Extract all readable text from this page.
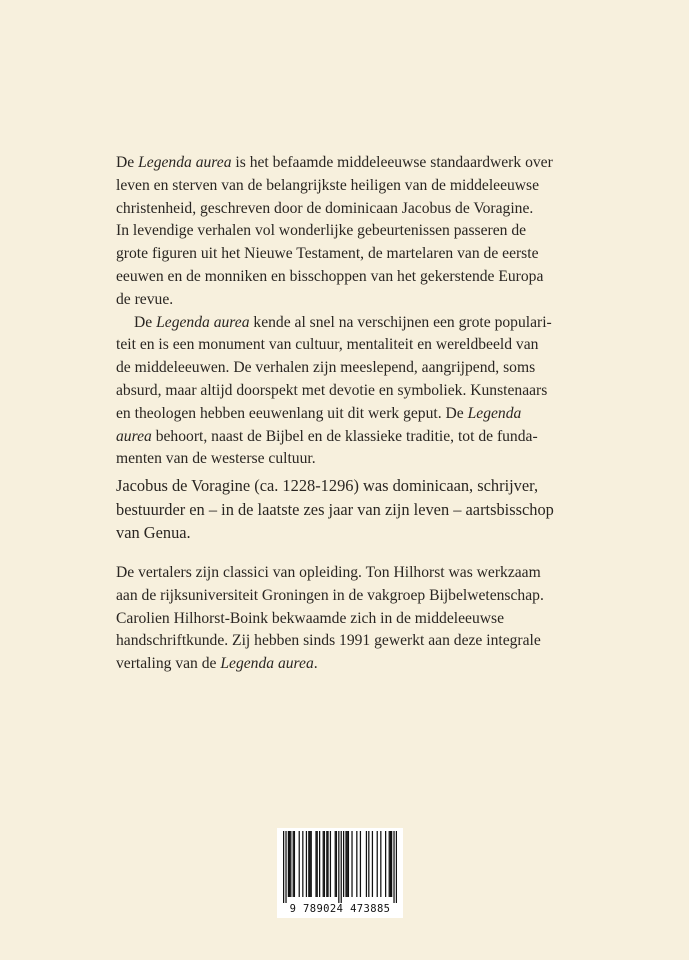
De Legenda aurea is het befaamde middeleeuwse standaardwerk over
leven en sterven van de belangrijkste heiligen van de middeleeuwse
christenheid, geschreven door de dominicaan Jacobus de Voragine.
In levendige verhalen vol wonderlijke gebeurtenissen passeren de
grote figuren uit het Nieuwe Testament, de martelaren van de eerste
eeuwen en de monniken en bisschoppen van het gekerstende Europa
de revue.
De Legenda aurea kende al snel na verschijnen een grote populari-
teit en is een monument van cultuur, mentaliteit en wereldbeeld van
de middeleeuwen. De verhalen zijn meeslepend, aangrijpend, soms
absurd, maar altijd doorspekt met devotie en symboliek. Kunstenaars
en theologen hebben eeuwenlang uit dit werk geput. De Legenda
aurea behoort, naast de Bijbel en de klassieke traditie, tot de funda-
menten van de westerse cultuur.
Jacobus de Voragine (ca. 1228-1296) was dominicaan, schrijver,
bestuurder en – in de laatste zes jaar van zijn leven – aartsbisschop
van Genua.
De vertalers zijn classici van opleiding. Ton Hilhorst was werkzaam
aan de rijksuniversiteit Groningen in de vakgroep Bijbelwetenschap.
Carolien Hilhorst-Boink bekwaamde zich in de middeleeuwse
handschriftkunde. Zij hebben sinds 1991 gewerkt aan deze integrale
vertaling van de Legenda aurea.
9 789024 473885
